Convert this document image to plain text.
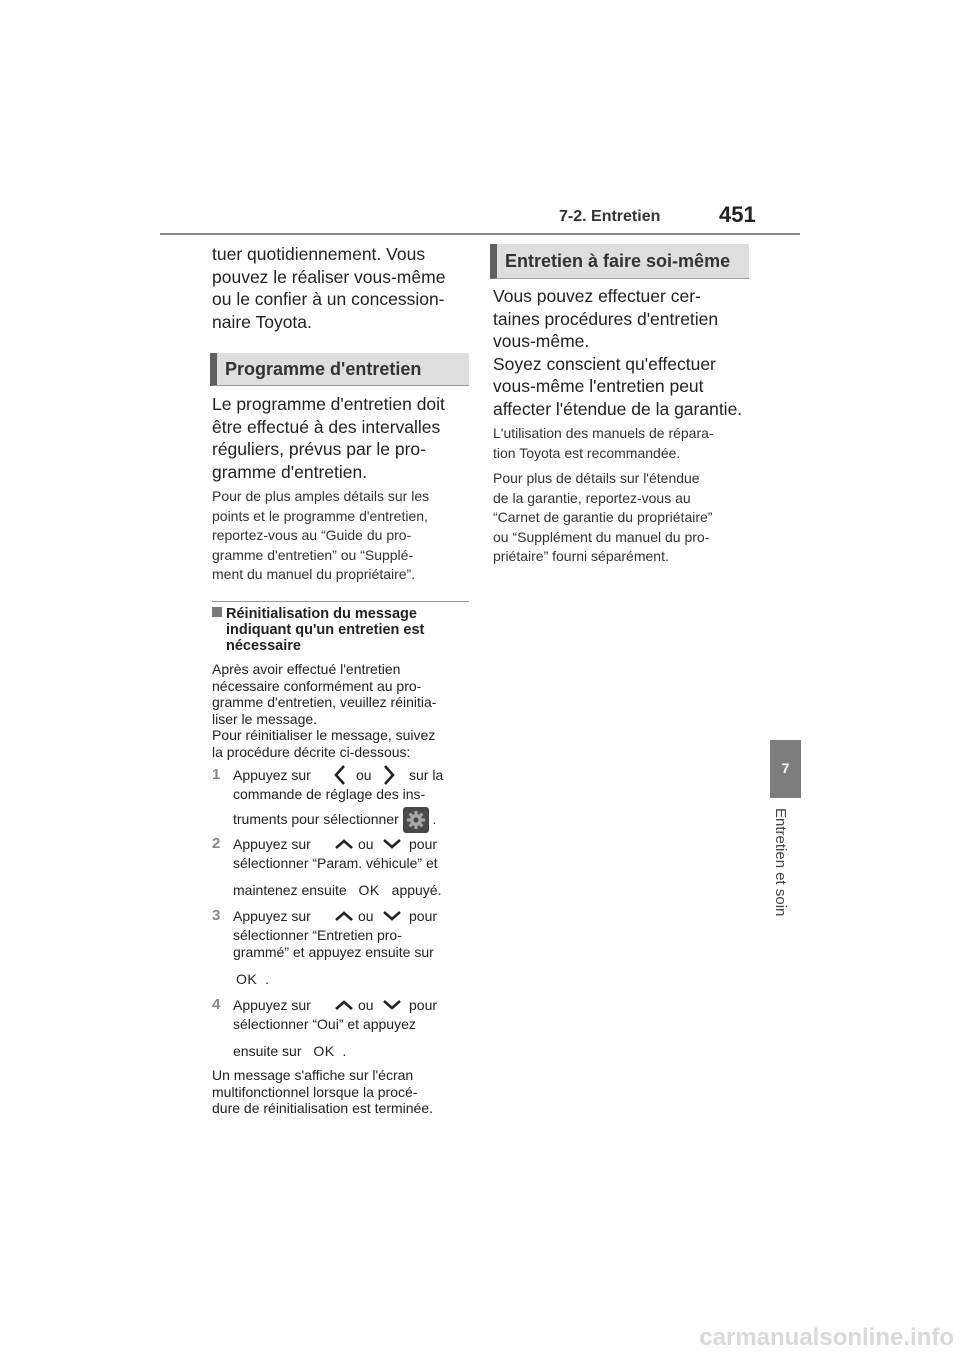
7-2. Entretien	451
7
Entretien et soin
tuer quotidiennement. Vous
pouvez le réaliser vous-même
ou le confier à un concession-
naire Toyota.
Programme d'entretien
Le programme d'entretien doit
être effectué à des intervalles
réguliers, prévus par le pro-
gramme d'entretien.
Pour de plus amples détails sur les
points et le programme d'entretien,
reportez-vous au “Guide du pro-
gramme d'entretien” ou “Supplé-
ment du manuel du propriétaire”.
Réinitialisation du message
indiquant qu'un entretien est
nécessaire
Après avoir effectué l'entretien
nécessaire conformément au pro-
gramme d'entretien, veuillez réinitia-
liser le message.
Pour réinitialiser le message, suivez
la procédure décrite ci-dessous:
1 Appuyez sur	ou	sur la
commande de réglage des ins-
truments pour sélectionner .
2 Appuyez sur	ou	pour
sélectionner “Param. véhicule” et
maintenez ensuite OK appuyé.
3 Appuyez sur	ou	pour
sélectionner “Entretien pro-
grammé” et appuyez ensuite sur
OK .
4 Appuyez sur	ou	pour
sélectionner “Oui” et appuyez
ensuite sur OK .
Un message s'affiche sur l'écran
multifonctionnel lorsque la procé-
dure de réinitialisation est terminée.
Entretien à faire soi-même
Vous pouvez effectuer cer-
taines procédures d'entretien
vous-même.
Soyez conscient qu'effectuer
vous-même l'entretien peut
affecter l'étendue de la garantie.
L'utilisation des manuels de répara-
tion Toyota est recommandée.
Pour plus de détails sur l'étendue
de la garantie, reportez-vous au
“Carnet de garantie du propriétaire”
ou “Supplément du manuel du pro-
priétaire” fourni séparément.
carmanualsonline.info
